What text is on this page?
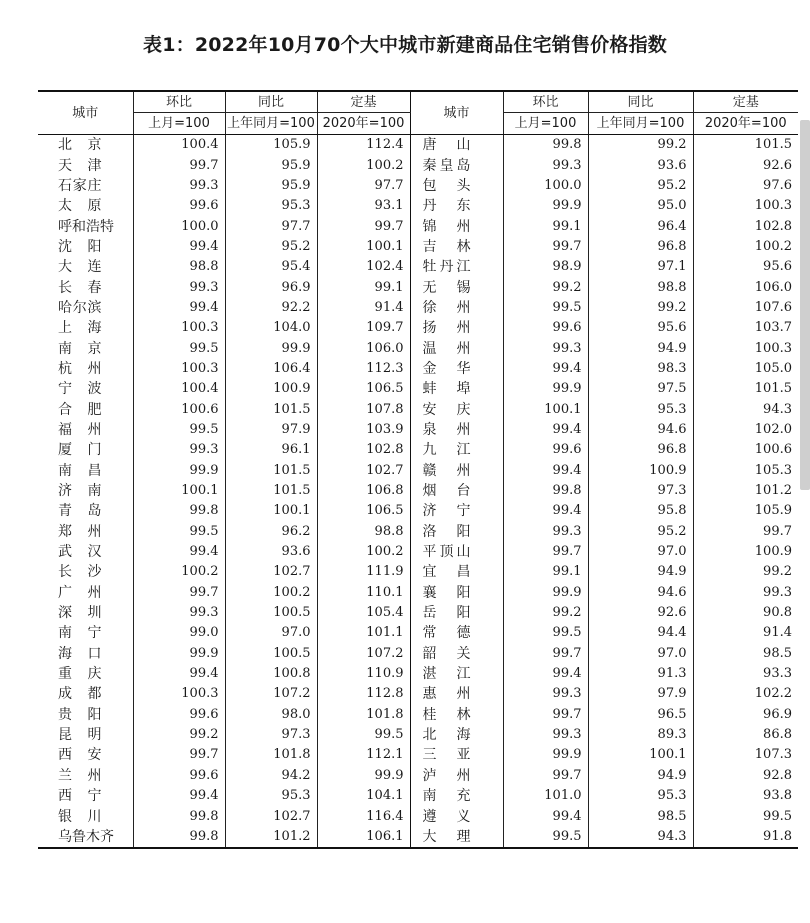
表1：2022年10月70个大中城市新建商品住宅销售价格指数
城市	环比	同比	定基	城市	环比	同比	定基
	上月=100	上年同月=100	2020年=100		上月=100	上年同月=100	2020年=100
北 京	100.4	105.9	112.4	唐 山	99.8	99.2	101.5
天 津	99.7	95.9	100.2	秦皇岛	99.3	93.6	92.6
石家庄	99.3	95.9	97.7	包 头	100.0	95.2	97.6
太 原	99.6	95.3	93.1	丹 东	99.9	95.0	100.3
呼和浩特	100.0	97.7	99.7	锦 州	99.1	96.4	102.8
沈 阳	99.4	95.2	100.1	吉 林	99.7	96.8	100.2
大 连	98.8	95.4	102.4	牡丹江	98.9	97.1	95.6
长 春	99.3	96.9	99.1	无 锡	99.2	98.8	106.0
哈尔滨	99.4	92.2	91.4	徐 州	99.5	99.2	107.6
上 海	100.3	104.0	109.7	扬 州	99.6	95.6	103.7
南 京	99.5	99.9	106.0	温 州	99.3	94.9	100.3
杭 州	100.3	106.4	112.3	金 华	99.4	98.3	105.0
宁 波	100.4	100.9	106.5	蚌 埠	99.9	97.5	101.5
合 肥	100.6	101.5	107.8	安 庆	100.1	95.3	94.3
福 州	99.5	97.9	103.9	泉 州	99.4	94.6	102.0
厦 门	99.3	96.1	102.8	九 江	99.6	96.8	100.6
南 昌	99.9	101.5	102.7	赣 州	99.4	100.9	105.3
济 南	100.1	101.5	106.8	烟 台	99.8	97.3	101.2
青 岛	99.8	100.1	106.5	济 宁	99.4	95.8	105.9
郑 州	99.5	96.2	98.8	洛 阳	99.3	95.2	99.7
武 汉	99.4	93.6	100.2	平顶山	99.7	97.0	100.9
长 沙	100.2	102.7	111.9	宜 昌	99.1	94.9	99.2
广 州	99.7	100.2	110.1	襄 阳	99.9	94.6	99.3
深 圳	99.3	100.5	105.4	岳 阳	99.2	92.6	90.8
南 宁	99.0	97.0	101.1	常 德	99.5	94.4	91.4
海 口	99.9	100.5	107.2	韶 关	99.7	97.0	98.5
重 庆	99.4	100.8	110.9	湛 江	99.4	91.3	93.3
成 都	100.3	107.2	112.8	惠 州	99.3	97.9	102.2
贵 阳	99.6	98.0	101.8	桂 林	99.7	96.5	96.9
昆 明	99.2	97.3	99.5	北 海	99.3	89.3	86.8
西 安	99.7	101.8	112.1	三 亚	99.9	100.1	107.3
兰 州	99.6	94.2	99.9	泸 州	99.7	94.9	92.8
西 宁	99.4	95.3	104.1	南 充	101.0	95.3	93.8
银 川	99.8	102.7	116.4	遵 义	99.4	98.5	99.5
乌鲁木齐	99.8	101.2	106.1	大 理	99.5	94.3	91.8
